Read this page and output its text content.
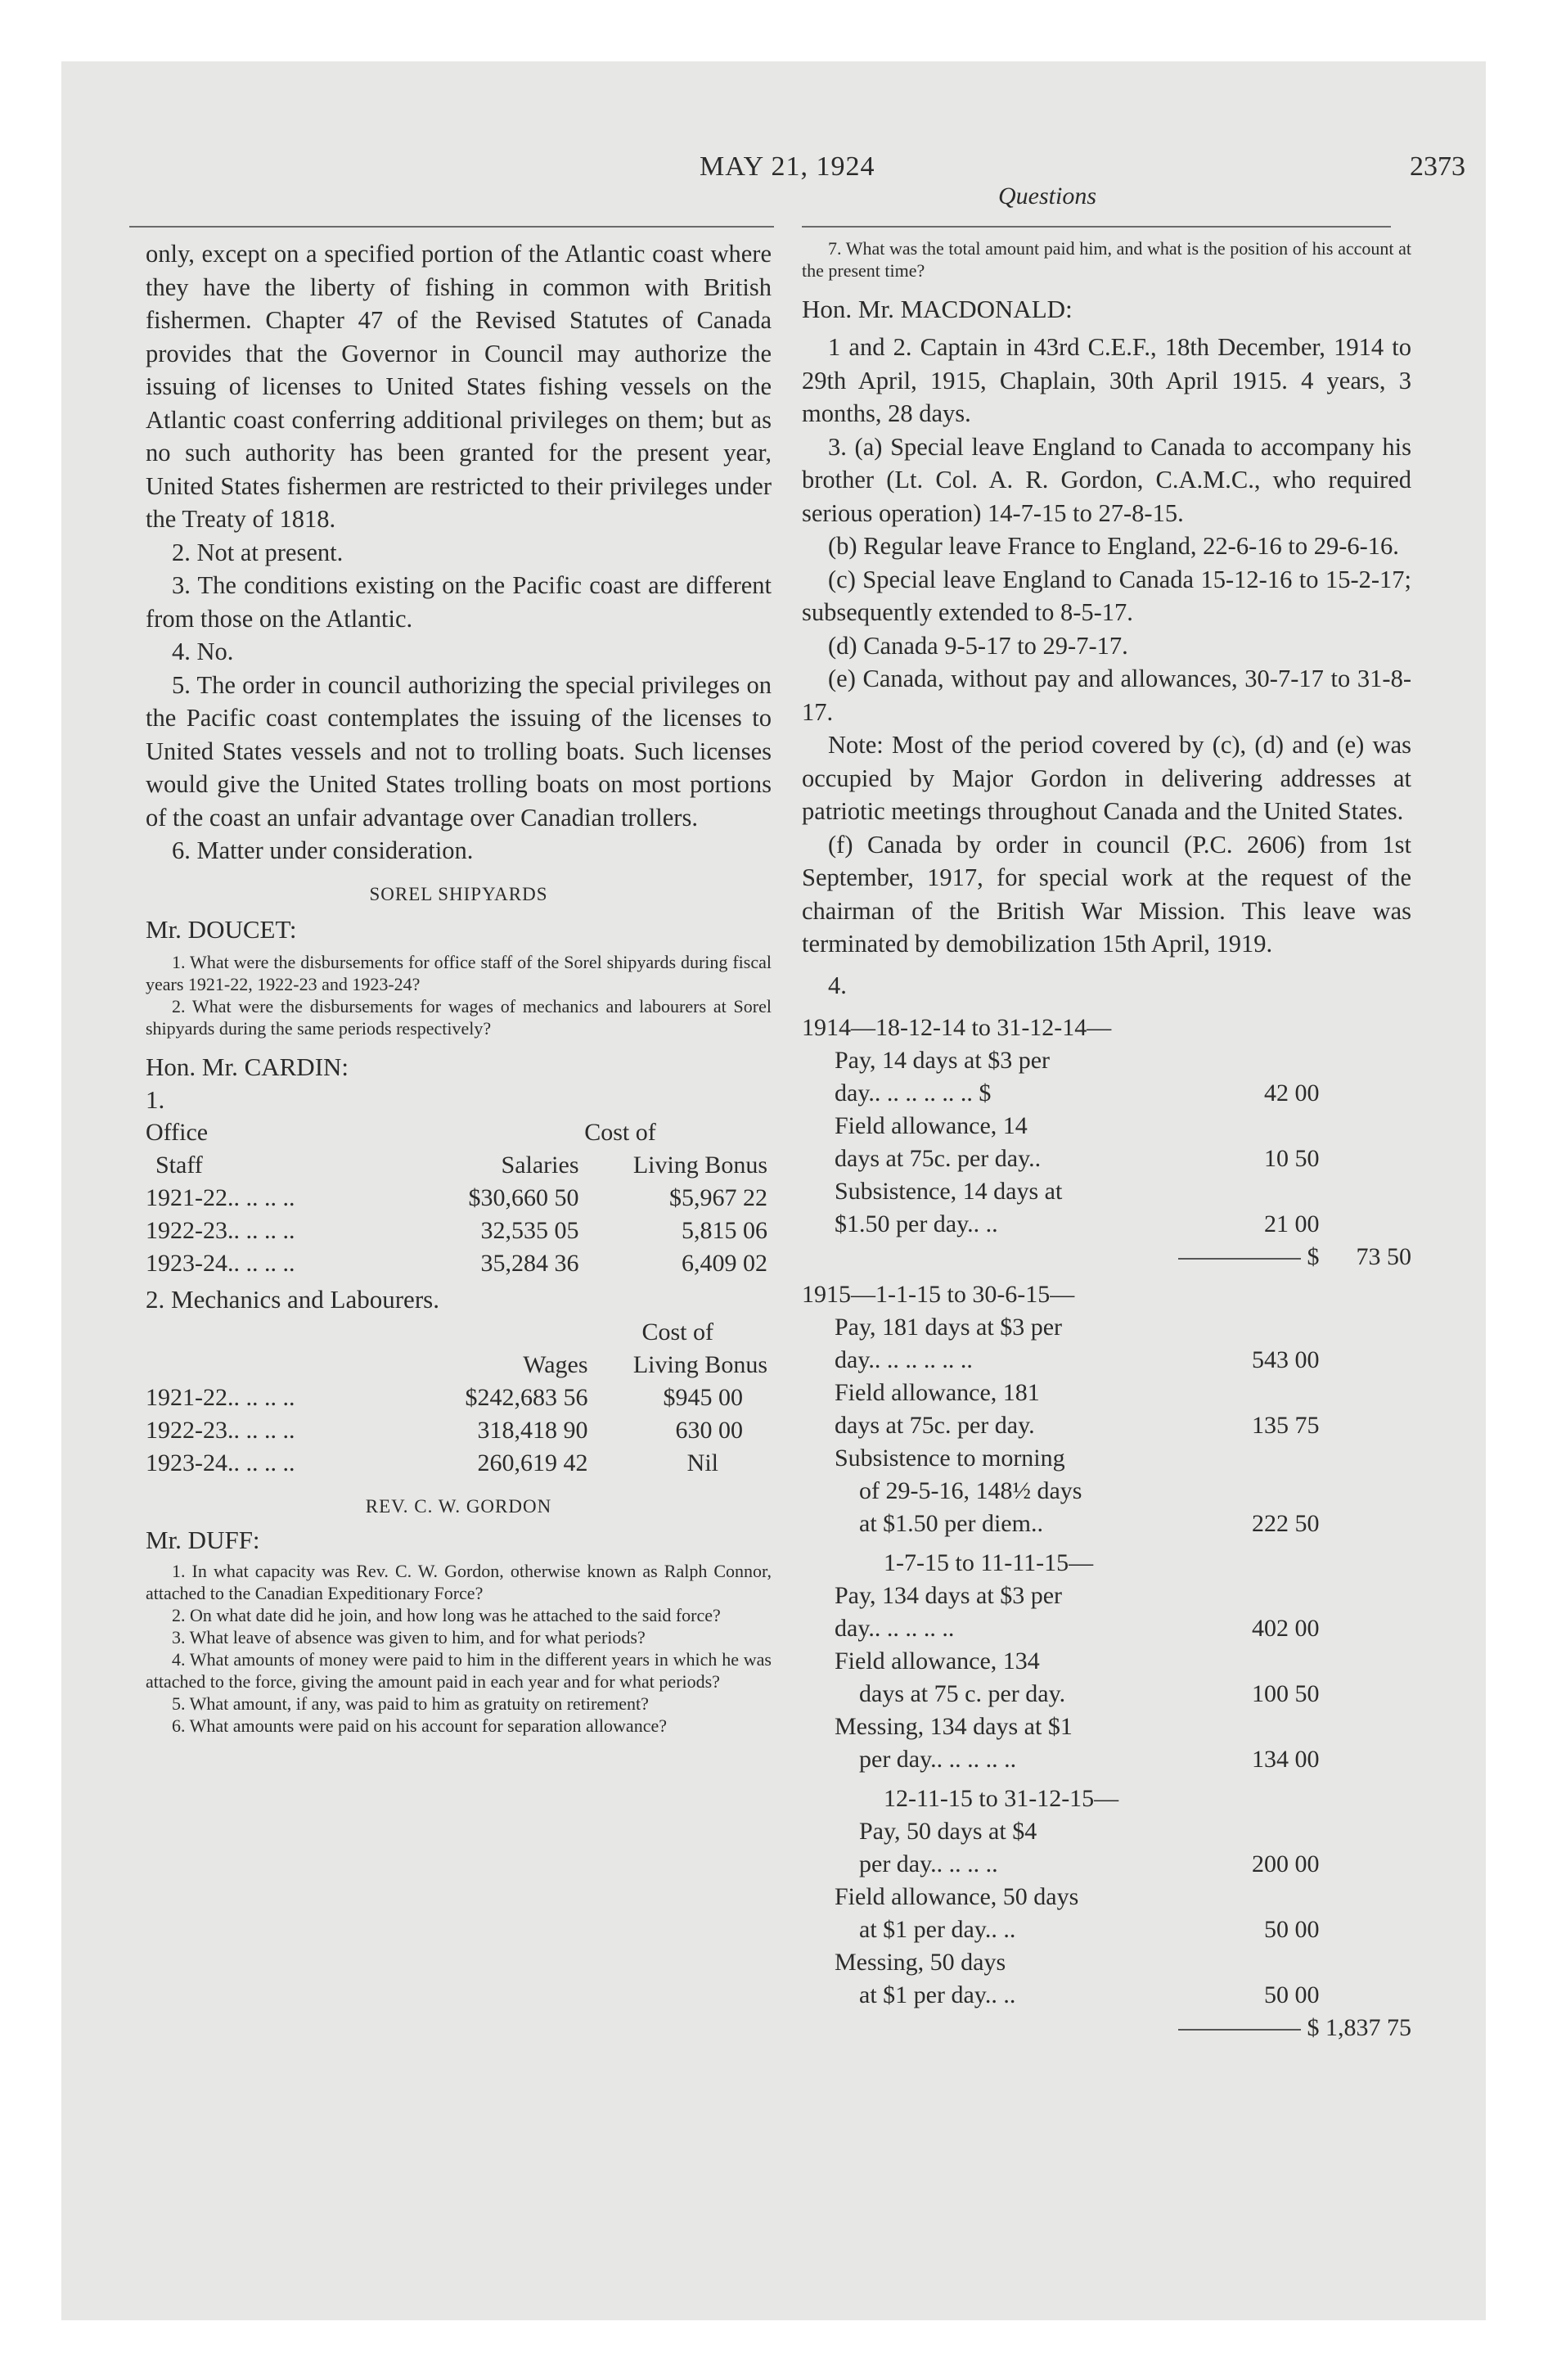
MAY 21, 1924	2373
Questions

only, except on a specified portion of the Atlantic coast where they have the liberty of fishing in common with British fishermen. Chapter 47 of the Revised Statutes of Canada provides that the Governor in Council may authorize the issuing of licenses to United States fishing vessels on the Atlantic coast conferring additional privileges on them; but as no such authority has been granted for the present year, United States fishermen are restricted to their privileges under the Treaty of 1818.

2. Not at present.

3. The conditions existing on the Pacific coast are different from those on the Atlantic.

4. No.

5. The order in council authorizing the special privileges on the Pacific coast contemplates the issuing of the licenses to United States vessels and not to trolling boats. Such licenses would give the United States trolling boats on most portions of the coast an unfair advantage over Canadian trollers.

6. Matter under consideration.

SOREL SHIPYARDS

Mr. DOUCET:

1. What were the disbursements for office staff of the Sorel shipyards during fiscal years 1921-22, 1922-23 and 1923-24?

2. What were the disbursements for wages of mechanics and labourers at Sorel shipyards during the same periods respectively?

Hon. Mr. CARDIN:

1.

Office	Cost of	
Staff	Salaries	Living Bonus
1921-22.. .. .. ..	$30,660 50	$5,967 22
1922-23.. .. .. ..	32,535 05	5,815 06
1923-24.. .. .. ..	35,284 36	6,409 02

2. Mechanics and Labourers.

		Cost of
	Wages	Living Bonus
1921-22.. .. .. ..	$242,683 56	$945 00
1922-23.. .. .. ..	318,418 90	630 00
1923-24.. .. .. ..	260,619 42	Nil

REV. C. W. GORDON

Mr. DUFF:

1. In what capacity was Rev. C. W. Gordon, otherwise known as Ralph Connor, attached to the Canadian Expeditionary Force?

2. On what date did he join, and how long was he attached to the said force?

3. What leave of absence was given to him, and for what periods?

4. What amounts of money were paid to him in the different years in which he was attached to the force, giving the amount paid in each year and for what periods?

5. What amount, if any, was paid to him as gratuity on retirement?

6. What amounts were paid on his account for separation allowance?

7. What was the total amount paid him, and what is the position of his account at the present time?

Hon. Mr. MACDONALD:

1 and 2. Captain in 43rd C.E.F., 18th December, 1914 to 29th April, 1915, Chaplain, 30th April 1915. 4 years, 3 months, 28 days.

3. (a) Special leave England to Canada to accompany his brother (Lt. Col. A. R. Gordon, C.A.M.C., who required serious operation) 14-7-15 to 27-8-15.

(b) Regular leave France to England, 22-6-16 to 29-6-16.

(c) Special leave England to Canada 15-12-16 to 15-2-17; subsequently extended to 8-5-17.

(d) Canada 9-5-17 to 29-7-17.

(e) Canada, without pay and allowances, 30-7-17 to 31-8-17.

Note: Most of the period covered by (c), (d) and (e) was occupied by Major Gordon in delivering addresses at patriotic meetings throughout Canada and the United States.

(f) Canada by order in council (P.C. 2606) from 1st September, 1917, for special work at the request of the chairman of the British War Mission. This leave was terminated by demobilization 15th April, 1919.

4.

1914—18-12-14 to 31-12-14—		
Pay, 14 days at $3 per		
day.. .. .. .. .. .. $	42 00	
Field allowance, 14		
days at 75c. per day..	10 50	
Subsistence, 14 days at		
$1.50 per day.. ..	21 00	
	$	73 50
1915—1-1-15 to 30-6-15—		
Pay, 181 days at $3 per		
day.. .. .. .. .. ..	543 00	
Field allowance, 181		
days at 75c. per day.	135 75	
Subsistence to morning		
of 29-5-16, 148½ days		
at $1.50 per diem..	222 50	
1-7-15 to 11-11-15—		
Pay, 134 days at $3 per		
day.. .. .. .. ..	402 00	
Field allowance, 134		
days at 75 c. per day.	100 50	
Messing, 134 days at $1		
per day.. .. .. .. ..	134 00	
12-11-15 to 31-12-15—		
Pay, 50 days at $4		
per day.. .. .. ..	200 00	
Field allowance, 50 days		
at $1 per day.. ..	50 00	
Messing, 50 days		
at $1 per day.. ..	50 00	
	$	1,837 75
